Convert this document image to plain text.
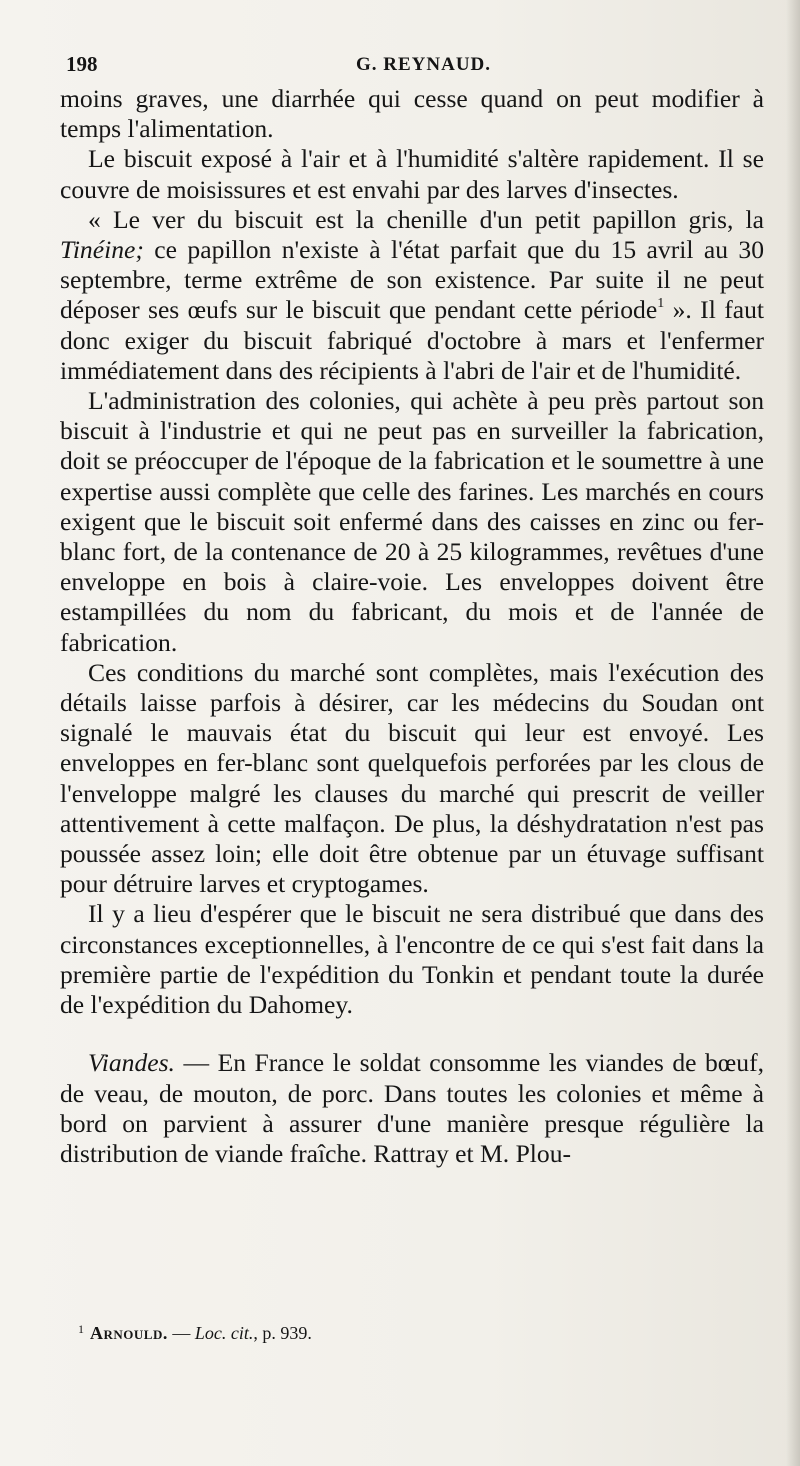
198	G. REYNAUD.

moins graves, une diarrhée qui cesse quand on peut modifier à temps l'alimentation.

Le biscuit exposé à l'air et à l'humidité s'altère rapidement. Il se couvre de moisissures et est envahi par des larves d'insectes.

« Le ver du biscuit est la chenille d'un petit papillon gris, la Tinéine; ce papillon n'existe à l'état parfait que du 15 avril au 30 septembre, terme extrême de son existence. Par suite il ne peut déposer ses œufs sur le biscuit que pendant cette période$^1$ ». Il faut donc exiger du biscuit fabriqué d'octobre à mars et l'enfermer immédiatement dans des récipients à l'abri de l'air et de l'humidité.

L'administration des colonies, qui achète à peu près partout son biscuit à l'industrie et qui ne peut pas en surveiller la fabrication, doit se préoccuper de l'époque de la fabrication et le soumettre à une expertise aussi complète que celle des farines. Les marchés en cours exigent que le biscuit soit enfermé dans des caisses en zinc ou fer-blanc fort, de la contenance de 20 à 25 kilogrammes, revêtues d'une enveloppe en bois à claire-voie. Les enveloppes doivent être estampillées du nom du fabricant, du mois et de l'année de fabrication.

Ces conditions du marché sont complètes, mais l'exécution des détails laisse parfois à désirer, car les médecins du Soudan ont signalé le mauvais état du biscuit qui leur est envoyé. Les enveloppes en fer-blanc sont quelquefois perforées par les clous de l'enveloppe malgré les clauses du marché qui prescrit de veiller attentivement à cette malfaçon. De plus, la déshydratation n'est pas poussée assez loin; elle doit être obtenue par un étuvage suffisant pour détruire larves et cryptogames.

Il y a lieu d'espérer que le biscuit ne sera distribué que dans des circonstances exceptionnelles, à l'encontre de ce qui s'est fait dans la première partie de l'expédition du Tonkin et pendant toute la durée de l'expédition du Dahomey.

Viandes. — En France le soldat consomme les viandes de bœuf, de veau, de mouton, de porc. Dans toutes les colonies et même à bord on parvient à assurer d'une manière presque régulière la distribution de viande fraîche. Rattray et M. Plou-

$^1$ Arnould. — Loc. cit., p. 939.
